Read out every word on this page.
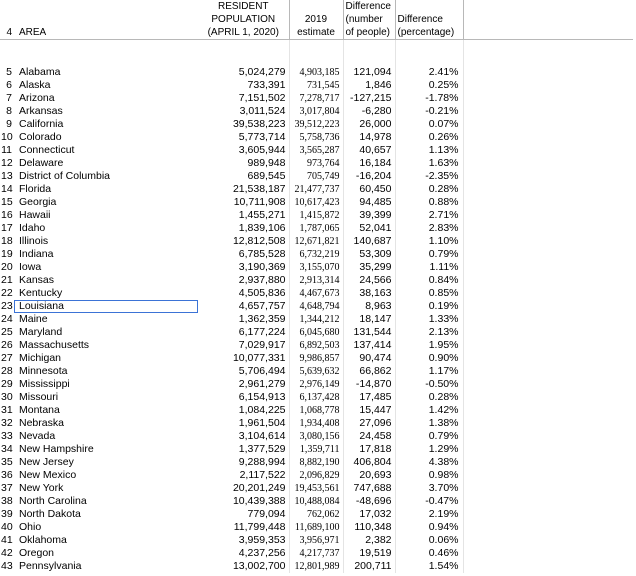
		RESIDENT		Difference		
		POPULATION	2019	(number	Difference	
4	AREA	(APRIL 1, 2020)	estimate	of people)	(percentage)	

5	Alabama	5,024,279	4,903,185	121,094	2.41%	
6	Alaska	733,391	731,545	1,846	0.25%	
7	Arizona	7,151,502	7,278,717	-127,215	-1.78%	
8	Arkansas	3,011,524	3,017,804	-6,280	-0.21%	
9	California	39,538,223	39,512,223	26,000	0.07%	
10	Colorado	5,773,714	5,758,736	14,978	0.26%	
11	Connecticut	3,605,944	3,565,287	40,657	1.13%	
12	Delaware	989,948	973,764	16,184	1.63%	
13	District of Columbia	689,545	705,749	-16,204	-2.35%	
14	Florida	21,538,187	21,477,737	60,450	0.28%	
15	Georgia	10,711,908	10,617,423	94,485	0.88%	
16	Hawaii	1,455,271	1,415,872	39,399	2.71%	
17	Idaho	1,839,106	1,787,065	52,041	2.83%	
18	Illinois	12,812,508	12,671,821	140,687	1.10%	
19	Indiana	6,785,528	6,732,219	53,309	0.79%	
20	Iowa	3,190,369	3,155,070	35,299	1.11%	
21	Kansas	2,937,880	2,913,314	24,566	0.84%	
22	Kentucky	4,505,836	4,467,673	38,163	0.85%	
23	Louisiana	4,657,757	4,648,794	8,963	0.19%	
24	Maine	1,362,359	1,344,212	18,147	1.33%	
25	Maryland	6,177,224	6,045,680	131,544	2.13%	
26	Massachusetts	7,029,917	6,892,503	137,414	1.95%	
27	Michigan	10,077,331	9,986,857	90,474	0.90%	
28	Minnesota	5,706,494	5,639,632	66,862	1.17%	
29	Mississippi	2,961,279	2,976,149	-14,870	-0.50%	
30	Missouri	6,154,913	6,137,428	17,485	0.28%	
31	Montana	1,084,225	1,068,778	15,447	1.42%	
32	Nebraska	1,961,504	1,934,408	27,096	1.38%	
33	Nevada	3,104,614	3,080,156	24,458	0.79%	
34	New Hampshire	1,377,529	1,359,711	17,818	1.29%	
35	New Jersey	9,288,994	8,882,190	406,804	4.38%	
36	New Mexico	2,117,522	2,096,829	20,693	0.98%	
37	New York	20,201,249	19,453,561	747,688	3.70%	
38	North Carolina	10,439,388	10,488,084	-48,696	-0.47%	
39	North Dakota	779,094	762,062	17,032	2.19%	
40	Ohio	11,799,448	11,689,100	110,348	0.94%	
41	Oklahoma	3,959,353	3,956,971	2,382	0.06%	
42	Oregon	4,237,256	4,217,737	19,519	0.46%	
43	Pennsylvania	13,002,700	12,801,989	200,711	1.54%	
